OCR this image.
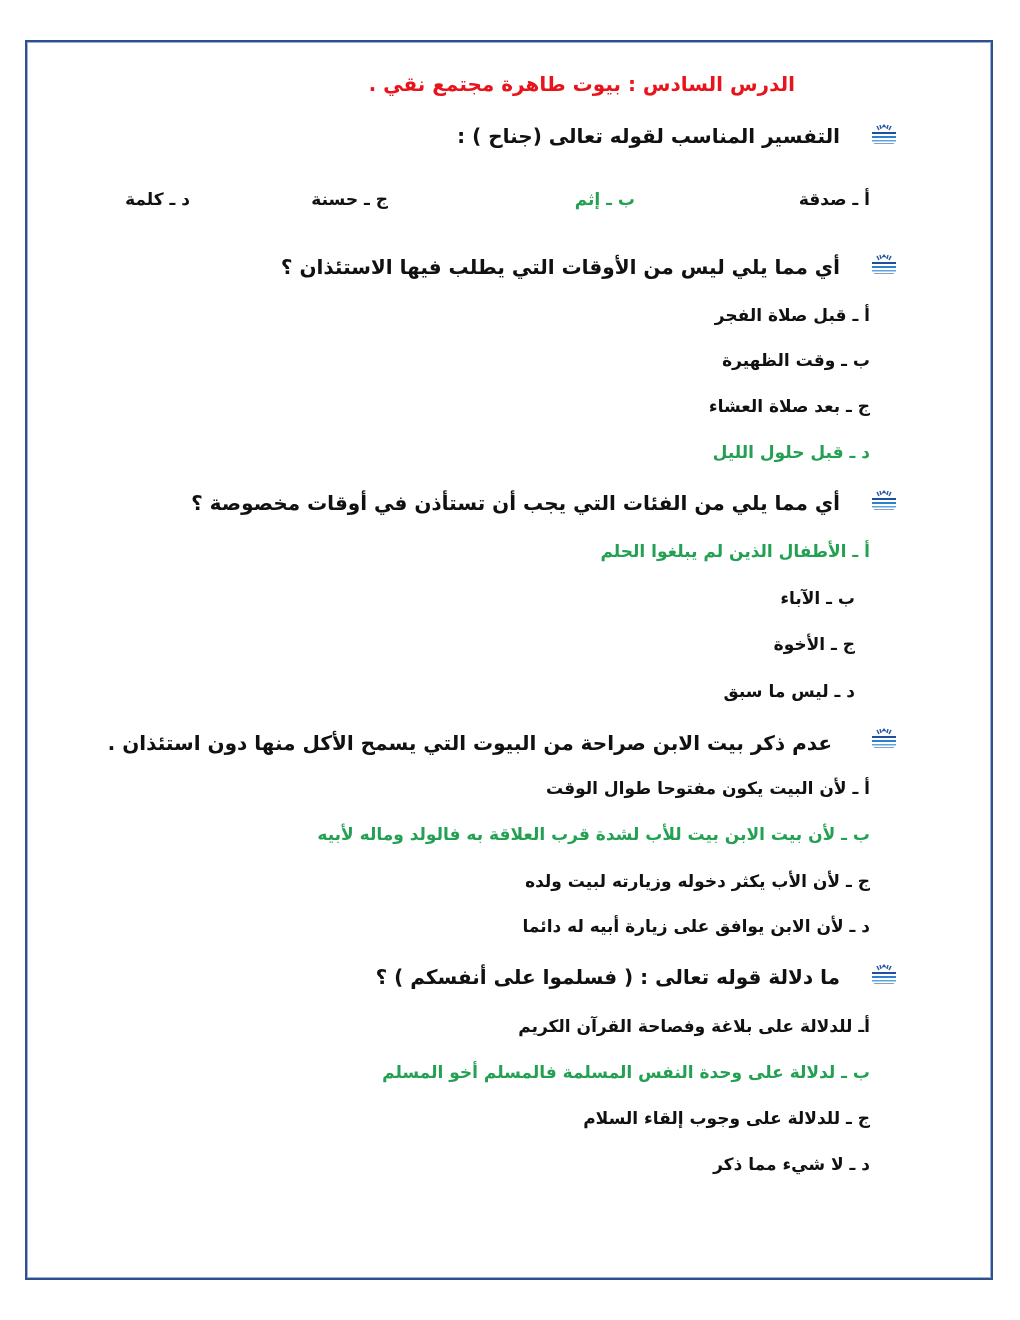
الدرس السادس : بيوت طاهرة مجتمع نقي .
التفسير المناسب لقوله تعالى (جناح ) :
أ ـ صدقة
ب ـ إثم
ج ـ حسنة
د ـ كلمة
أي مما يلي ليس من الأوقات التي يطلب فيها الاستئذان ؟
أ ـ قبل صلاة الفجر
ب ـ وقت الظهيرة
ج ـ بعد صلاة العشاء
د ـ قبل حلول الليل
أي مما يلي من الفئات التي يجب أن تستأذن في أوقات مخصوصة ؟
أ ـ الأطفال الذين لم يبلغوا الحلم
ب ـ الآباء
ج ـ الأخوة
د ـ ليس ما سبق
عدم ذكر بيت الابن صراحة من البيوت التي يسمح الأكل منها دون استئذان .
أ ـ لأن البيت يكون مفتوحا طوال الوقت
ب ـ لأن بيت الابن بيت للأب لشدة قرب العلاقة به فالولد وماله لأبيه
ج ـ لأن الأب يكثر دخوله وزيارته لبيت ولده
د ـ لأن الابن يوافق على زيارة أبيه له دائما
ما دلالة قوله تعالى : ( فسلموا على أنفسكم ) ؟
أـ للدلالة على بلاغة وفصاحة القرآن الكريم
ب ـ لدلالة على وحدة النفس المسلمة فالمسلم أخو المسلم
ج ـ للدلالة على وجوب إلقاء السلام
د ـ لا شيء مما ذكر
